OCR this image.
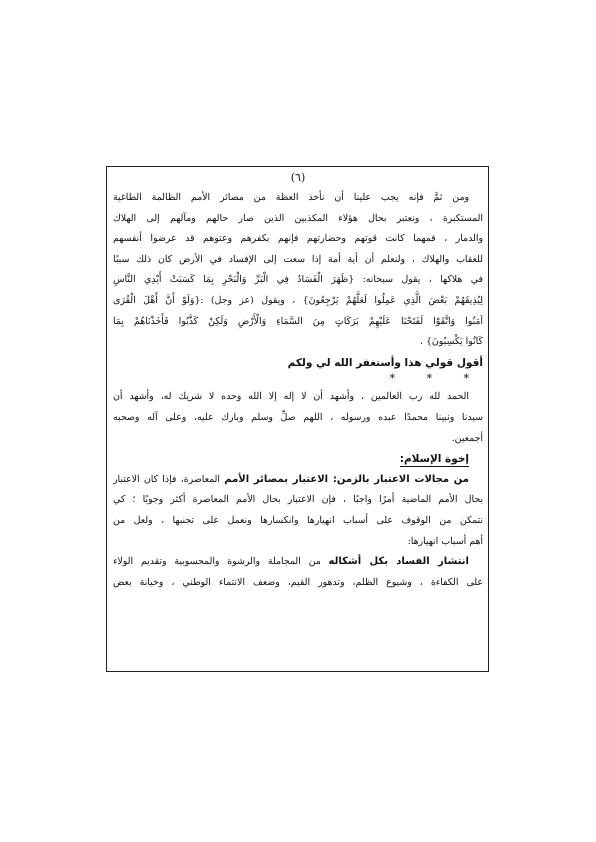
(٦)
ومن ثمَّ فإنه يجب علينا أن نأخذ العظة من مصائر الأمم الظالمة الطاغية
المستكبرة ، ونعتبر بحال هؤلاء المكذبين الذين صار حالهم ومآلهم إلى الهلاك
والدمار ، فمهما كانت قوتهم وحضارتهم فإنهم بكفرهم وعتوهم قد عرضوا أنفسهم
للعقاب والهلاك ، ولنعلم أن أية أمة إذا سعت إلى الإفساد في الأرض كان ذلك سببًا
في هلاكها ، يقول سبحانه: {ظَهَرَ الْفَسَادُ فِي الْبَرِّ وَالْبَحْرِ بِمَا كَسَبَتْ أَيْدِي النَّاسِ
لِيُذِيقَهُمْ بَعْضَ الَّذِي عَمِلُوا لَعَلَّهُمْ يَرْجِعُونَ} ، ويقول (عز وجل) :{وَلَوْ أَنَّ أَهْلَ الْقُرَى
آمَنُوا وَاتَّقَوْا لَفَتَحْنَا عَلَيْهِمْ بَرَكَاتٍ مِنَ السَّمَاءِ وَالْأَرْضِ وَلَكِنْ كَذَّبُوا فَأَخَذْنَاهُمْ بِمَا
كَانُوا يَكْسِبُونَ} .
أقول قولي هذا وأستغفر الله لي ولكم
* * *
الحمد لله رب العالمين ، وأشهد أن لا إله إلا الله وحده لا شريك له، وأشهد أن
سيدنا ونبينا محمدًا عبده ورسوله ، اللهم صلِّ وسلم وبارك عليه، وعلى آله وصحبه
أجمعين.
إخوة الإسلام:
من مجالات الاعتبار بالزمن: الاعتبار بمصائر الأمم المعاصرة، فإذا كان الاعتبار
بحال الأمم الماضية أمرًا واجبًا ، فإن الاعتبار بحال الأمم المعاصرة أكثر وجوبًا ؛ كي
نتمكن من الوقوف على أسباب انهيارها وانكسارها ونعمل على تجنبها ، ولعل من
أهم أسباب انهيارها:
انتشار الفساد بكل أشكاله من المجاملة والرشوة والمحسوبية وتقديم الولاء
على الكفاءة ، وشيوع الظلم، وتدهور القيم، وضعف الانتماء الوطني ، وخيانة بعض
